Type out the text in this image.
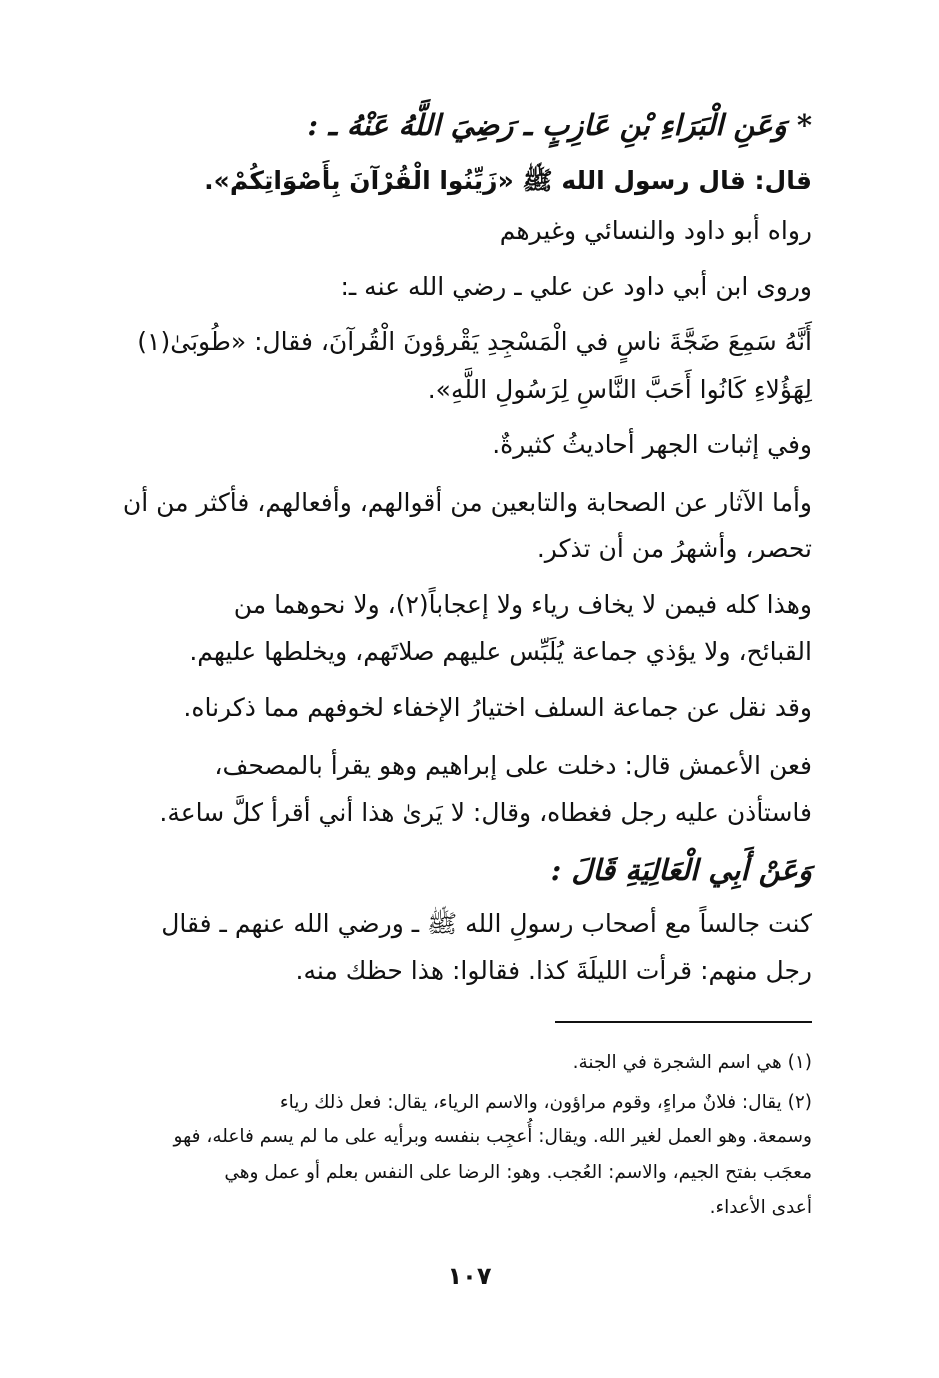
* وَعَنِ الْبَرَاءِ بْنِ عَازِبٍ ـ رَضِيَ اللَّهُ عَنْهُ ـ :
قال: قال رسول الله ﷺ «زَيِّنُوا الْقُرْآنَ بِأَصْوَاتِكُمْ».
رواه أبو داود والنسائي وغيرهم
وروى ابن أبي داود عن علي ـ رضي الله عنه ـ:
أَنَّهُ سَمِعَ ضَجَّةَ ناسٍ في الْمَسْجِدِ يَقْرؤونَ الْقُرآنَ، فقال: «طُوبَىٰ(١)
لِهَؤُلاءِ كَانُوا أَحَبَّ النَّاسِ لِرَسُولِ اللَّهِ».
وفي إثبات الجهر أحاديثُ كثيرةٌ.
وأما الآثار عن الصحابة والتابعين من أقوالهم، وأفعالهم، فأكثر من أن
تحصر، وأشهرُ من أن تذكر.
وهذا كله فيمن لا يخاف رياء ولا إعجاباً(٢)، ولا نحوهما من
القبائح، ولا يؤذي جماعة يُلَبِّس عليهم صلاتَهم، ويخلطها عليهم.
وقد نقل عن جماعة السلف اختيارُ الإخفاء لخوفهم مما ذكرناه.
فعن الأعمش قال: دخلت على إبراهيم وهو يقرأ بالمصحف،
فاستأذن عليه رجل فغطاه، وقال: لا يَرىٰ هذا أني أقرأ كلَّ ساعة.
وَعَنْ أَبِي الْعَالِيَةِ قَالَ :
كنت جالساً مع أصحاب رسولِ الله ﷺ ـ ورضي الله عنهم ـ فقال
رجل منهم: قرأت الليلَةَ كذا. فقالوا: هذا حظك منه.
(١) هي اسم الشجرة في الجنة.
(٢) يقال: فلانٌ مراءٍ، وقوم مراؤون، والاسم الرياء، يقال: فعل ذلك رياء
وسمعة. وهو العمل لغير الله. ويقال: أُعجِب بنفسه وبرأيه على ما لم يسم فاعله، فهو
معجَب بفتح الجيم، والاسم: العُجب. وهو: الرضا على النفس بعلم أو عمل وهي
أعدى الأعداء.
١٠٧
